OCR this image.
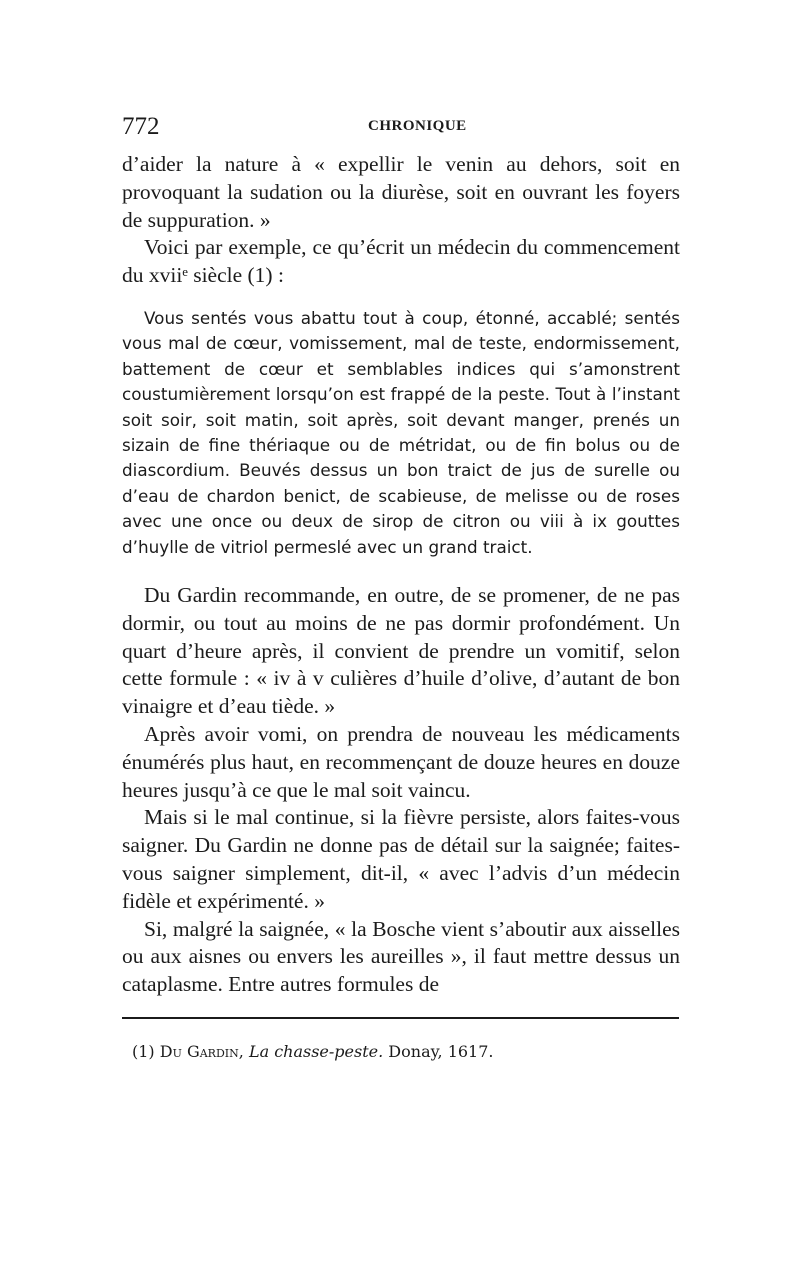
772	CHRONIQUE

d’aider la nature à « expellir le venin au dehors, soit en provoquant la sudation ou la diurèse, soit en ouvrant les foyers de suppuration. »

Voici par exemple, ce qu’écrit un médecin du commencement du xviiᵉ siècle (1) :

Vous sentés vous abattu tout à coup, étonné, accablé; sentés vous mal de cœur, vomissement, mal de teste, endormissement, battement de cœur et semblables indices qui s’amonstrent coustumièrement lorsqu’on est frappé de la peste. Tout à l’instant soit soir, soit matin, soit après, soit devant manger, prenés un sizain de fine thériaque ou de métridat, ou de fin bolus ou de diascordium. Beuvés dessus un bon traict de jus de surelle ou d’eau de chardon benict, de scabieuse, de melisse ou de roses avec une once ou deux de sirop de citron ou viii à ix gouttes d’huylle de vitriol permeslé avec un grand traict.

Du Gardin recommande, en outre, de se promener, de ne pas dormir, ou tout au moins de ne pas dormir profondément. Un quart d’heure après, il convient de prendre un vomitif, selon cette formule : « iv à v culières d’huile d’olive, d’autant de bon vinaigre et d’eau tiède. »

Après avoir vomi, on prendra de nouveau les médicaments énumérés plus haut, en recommençant de douze heures en douze heures jusqu’à ce que le mal soit vaincu.

Mais si le mal continue, si la fièvre persiste, alors faites-vous saigner. Du Gardin ne donne pas de détail sur la saignée; faites-vous saigner simplement, dit-il, « avec l’advis d’un médecin fidèle et expérimenté. »

Si, malgré la saignée, « la Bosche vient s’aboutir aux aisselles ou aux aisnes ou envers les aureilles », il faut mettre dessus un cataplasme. Entre autres formules de

(1) Du Gardin, La chasse-peste. Donay, 1617.
